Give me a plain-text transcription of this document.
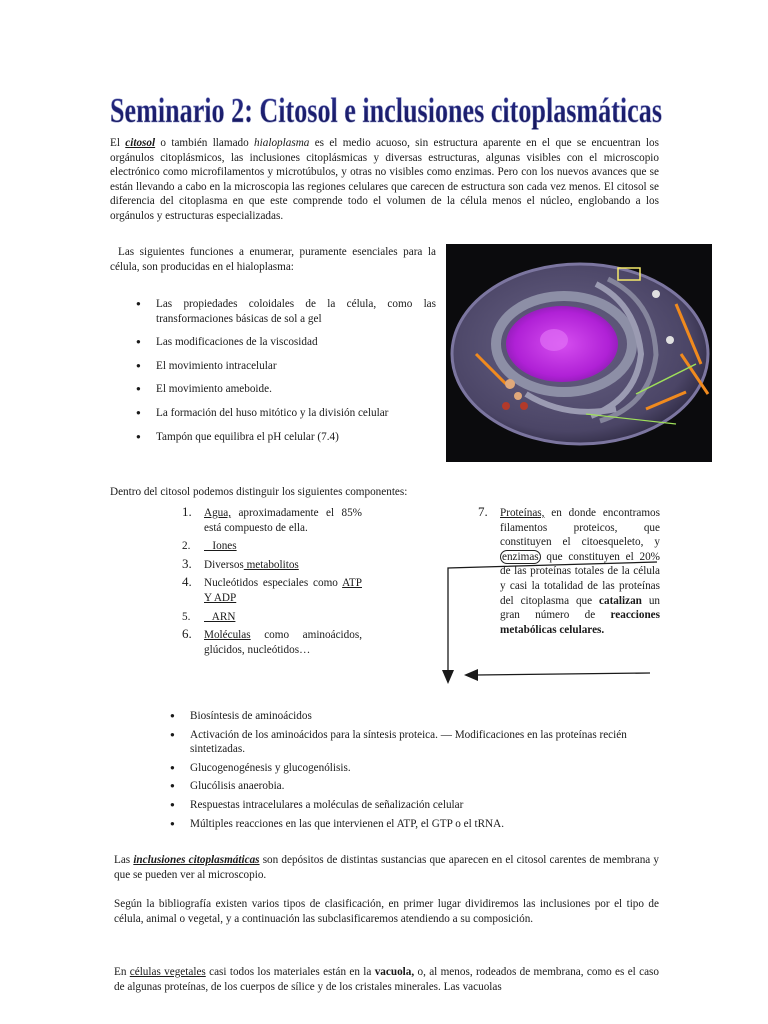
Seminario 2: Citosol e inclusiones citoplasmáticas
El citosol o también llamado hialoplasma es el medio acuoso, sin estructura aparente en el que se encuentran los orgánulos citoplásmicos, las inclusiones citoplásmicas y diversas estructuras, algunas visibles con el microscopio electrónico como microfilamentos y microtúbulos, y otras no visibles como enzimas. Pero con los nuevos avances que se están llevando a cabo en la microscopia las regiones celulares que carecen de estructura son cada vez menos. El citosol se diferencia del citoplasma en que este comprende todo el volumen de la célula menos el núcleo, englobando a los orgánulos y estructuras especializadas.
Las siguientes funciones a enumerar, puramente esenciales para la célula, son producidas en el hialoplasma:
● Las propiedades coloidales de la célula, como las transformaciones básicas de sol a gel
● Las modificaciones de la viscosidad
● El movimiento intracelular
● El movimiento ameboide.
● La formación del huso mitótico y la división celular
● Tampón que equilibra el pH celular (7.4)
Dentro del citosol podemos distinguir los siguientes componentes:
1. Agua, aproximadamente el 85% está compuesto de ella.
2. Iones
3. Diversos metabolitos
4. Nucleótidos especiales como ATP Y ADP
5. ARN
6. Moléculas como aminoácidos, glúcidos, nucleótidos…
7. Proteínas, en donde encontramos filamentos proteicos, que constituyen el citoesqueleto, y enzimas que constituyen el 20% de las proteínas totales de la célula y casi la totalidad de las proteínas del citoplasma que catalizan un gran número de reacciones metabólicas celulares.
● Biosíntesis de aminoácidos
● Activación de los aminoácidos para la síntesis proteica. — Modificaciones en las proteínas recién sintetizadas.
● Glucogenogénesis y glucogenólisis.
● Glucólisis anaerobia.
● Respuestas intracelulares a moléculas de señalización celular
● Múltiples reacciones en las que intervienen el ATP, el GTP o el tRNA.
Las inclusiones citoplasmáticas son depósitos de distintas sustancias que aparecen en el citosol carentes de membrana y que se pueden ver al microscopio.
Según la bibliografía existen varios tipos de clasificación, en primer lugar dividiremos las inclusiones por el tipo de célula, animal o vegetal, y a continuación las subclasificaremos atendiendo a su composición.
En células vegetales casi todos los materiales están en la vacuola, o, al menos, rodeados de membrana, como es el caso de algunas proteínas, de los cuerpos de sílice y de los cristales minerales. Las vacuolas
